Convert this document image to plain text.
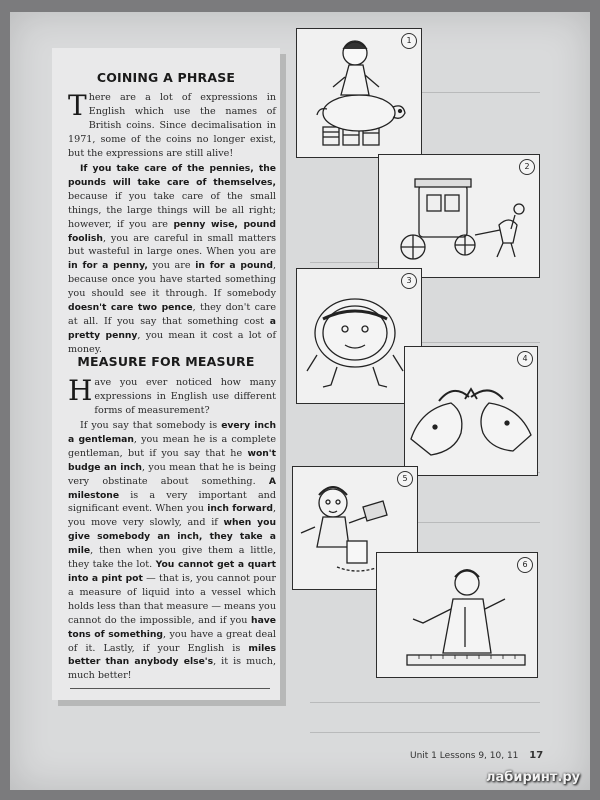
COINING A PHRASE

There are a lot of expressions in English which use the names of British coins. Since decimalisation in 1971, some of the coins no longer exist, but the expressions are still alive!

If you take care of the pennies, the pounds will take care of themselves, because if you take care of the small things, the large things will be all right; however, if you are penny wise, pound foolish, you are careful in small matters but wasteful in large ones. When you are in for a penny, you are in for a pound, because once you have started something you should see it through. If somebody doesn't care two pence, they don't care at all. If you say that something cost a pretty penny, you mean it cost a lot of money.

MEASURE FOR MEASURE

Have you ever noticed how many expressions in English use different forms of measurement?

If you say that somebody is every inch a gentleman, you mean he is a complete gentleman, but if you say that he won't budge an inch, you mean that he is being very obstinate about something. A milestone is a very important and significant event. When you inch forward, you move very slowly, and if when you give somebody an inch, they take a mile, then when you give them a little, they take the lot. You cannot get a quart into a pint pot — that is, you cannot pour a measure of liquid into a vessel which holds less than that measure — means you cannot do the impossible, and if you have tons of something, you have a great deal of it. Lastly, if your English is miles better than anybody else's, it is much, much better!

1
2
3
4
5
6
Unit 1 Lessons 9, 10, 11 17
лабиринт.ру
